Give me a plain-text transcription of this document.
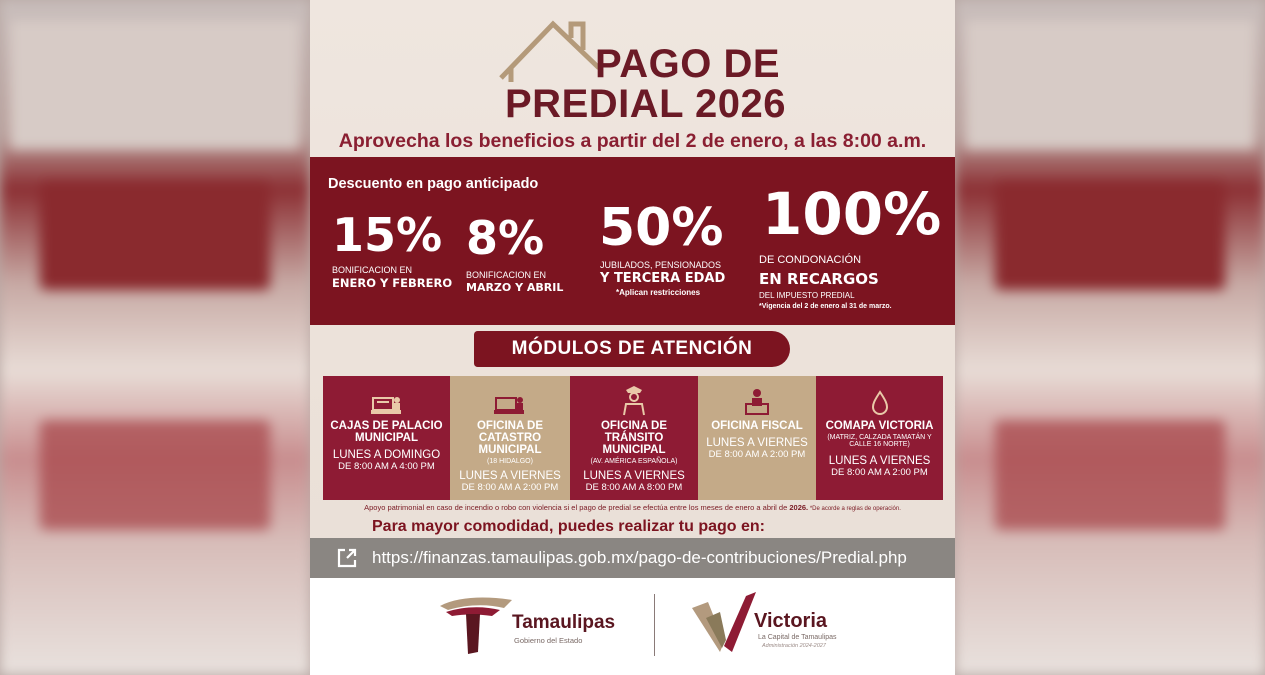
PAGO DE
PREDIAL 2026
Aprovecha los beneficios a partir del 2 de enero, a las 8:00 a.m.
Descuento en pago anticipado
15%
BONIFICACION EN
ENERO Y FEBRERO
8%
BONIFICACION EN
MARZO Y ABRIL
50%
JUBILADOS, PENSIONADOS
Y TERCERA EDAD
*Aplican restricciones
100%
DE CONDONACIÓN
EN RECARGOS
DEL IMPUESTO PREDIAL
*Vigencia del 2 de enero al 31 de marzo.
MÓDULOS DE ATENCIÓN
CAJAS DE PALACIO MUNICIPAL
LUNES A DOMINGO
DE 8:00 AM A 4:00 PM
OFICINA DE CATASTRO MUNICIPAL
(18 HIDALGO)
LUNES A VIERNES
DE 8:00 AM A 2:00 PM
OFICINA DE TRÁNSITO MUNICIPAL
(AV. AMÉRICA ESPAÑOLA)
LUNES A VIERNES
DE 8:00 AM A 8:00 PM
OFICINA FISCAL
LUNES A VIERNES
DE 8:00 AM A 2:00 PM
COMAPA VICTORIA
(MATRIZ, CALZADA TAMATÁN Y CALLE 16 NORTE)
LUNES A VIERNES
DE 8:00 AM A 2:00 PM
Apoyo patrimonial en caso de incendio o robo con violencia si el pago de predial se efectúa entre los meses de enero a abril de 2026. *De acorde a reglas de operación.
Para mayor comodidad, puedes realizar tu pago en:
https://finanzas.tamaulipas.gob.mx/pago-de-contribuciones/Predial.php
Tamaulipas
Gobierno del Estado
Victoria
La Capital de Tamaulipas
Administración 2024-2027
